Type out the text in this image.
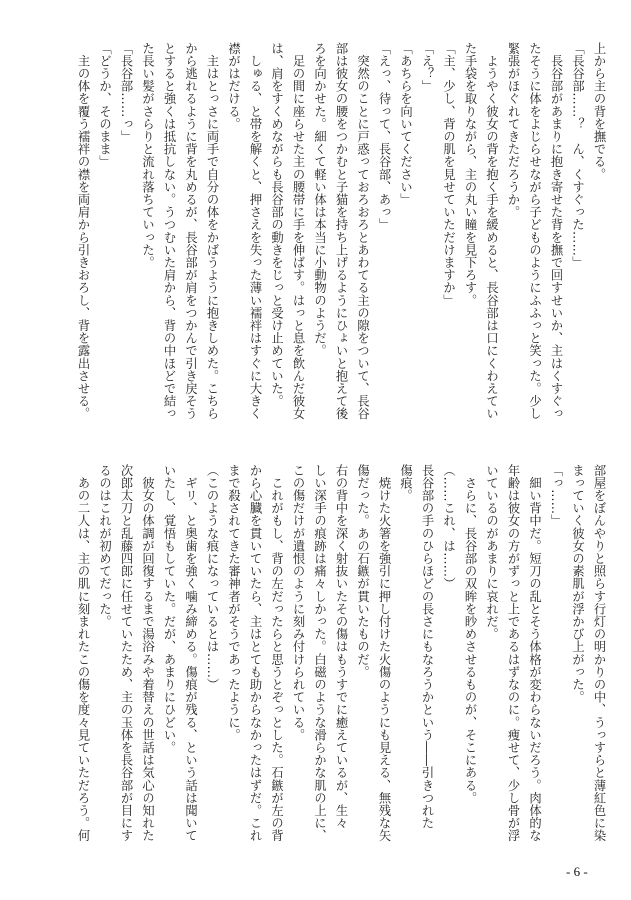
上から主の背を撫でる。
「長谷部……？　ん、くすぐった……」
　長谷部があまりに抱き寄せた背を撫で回すせいか、主はくすぐっ
たそうに体をよじらせながら子どものようにふふっと笑った。少し
緊張がほぐれてきただろうか。
　ようやく彼女の背を抱く手を緩めると、長谷部は口にくわえてい
た手袋を取りながら、主の丸い瞳を見下ろす。
「主、少し、背の肌を見せていただけますか」
「え？」
「あちらを向いてください」
「えっ、待って、長谷部、あっ」
　突然のことに戸惑っておろおろとあわてる主の隙をついて、長谷
部は彼女の腰をつかむと子猫を持ち上げるようにひょいと抱えて後
ろを向かせた。細くて軽い体は本当に小動物のようだ。
　足の間に座らせた主の腰帯に手を伸ばす。はっと息を飲んだ彼女
は、肩をすくめながらも長谷部の動きをじっと受け止めていた。
　しゅる、と帯を解くと、押さえを失った薄い襦袢はすぐに大きく
襟がはだける。
　主はとっさに両手で自分の体をかばうように抱きしめた。こちら
から逃れるように背を丸めるが、長谷部が肩をつかんで引き戻そう
とすると強くは抵抗しない。うつむいた肩から、背の中ほどで結っ
た長い髪がさらりと流れ落ちていった。
「長谷部……っ」
「どうか、そのまま」
　主の体を覆う襦袢の襟を両肩から引きおろし、背を露出させる。
部屋をぼんやりと照らす行灯の明かりの中、うっすらと薄紅色に染
まっていく彼女の素肌が浮かび上がった。
「っ……」
　細い背中だ。短刀の乱とそう体格が変わらないだろう。肉体的な
年齢は彼女の方がずっと上であるはずなのに。痩せて、少し骨が浮
いているのがあまりに哀れだ。
　さらに、長谷部の双眸を眇めさせるものが、そこにある。
（……これ、は……）
長谷部の手のひらほどの長さにもなろうかという――引きつれた
傷痕。
　焼けた火箸を強引に押し付けた火傷のようにも見える、無残な矢
傷だった。あの石鏃が貫いたものだ。
右の背中を深く射抜いたその傷はもうすでに癒えているが、生々
しい深手の痕跡は痛々しかった。白磁のような滑らかな肌の上に、
この傷だけが遺恨のように刻み付けられている。
　これがもし、背の左だったらと思うとぞっとした。石鏃が左の背
から心臓を貫いていたら、主はとても助からなかったはずだ。これ
まで殺されてきた審神者がそうであったように。
（このような痕になっているとは……）
　ギリ、と奥歯を強く噛み締める。傷痕が残る、という話は聞いて
いたし、覚悟もしていた。だが、あまりにひどい。
　彼女の体調が回復するまで湯浴みや着替えの世話は気心の知れた
次郎太刀と乱藤四郎に任せていたため、主の玉体を長谷部が目にす
るのはこれが初めてだった。
　あの二人は、主の肌に刻まれたこの傷を度々見ていただろう。何
- 6 -
